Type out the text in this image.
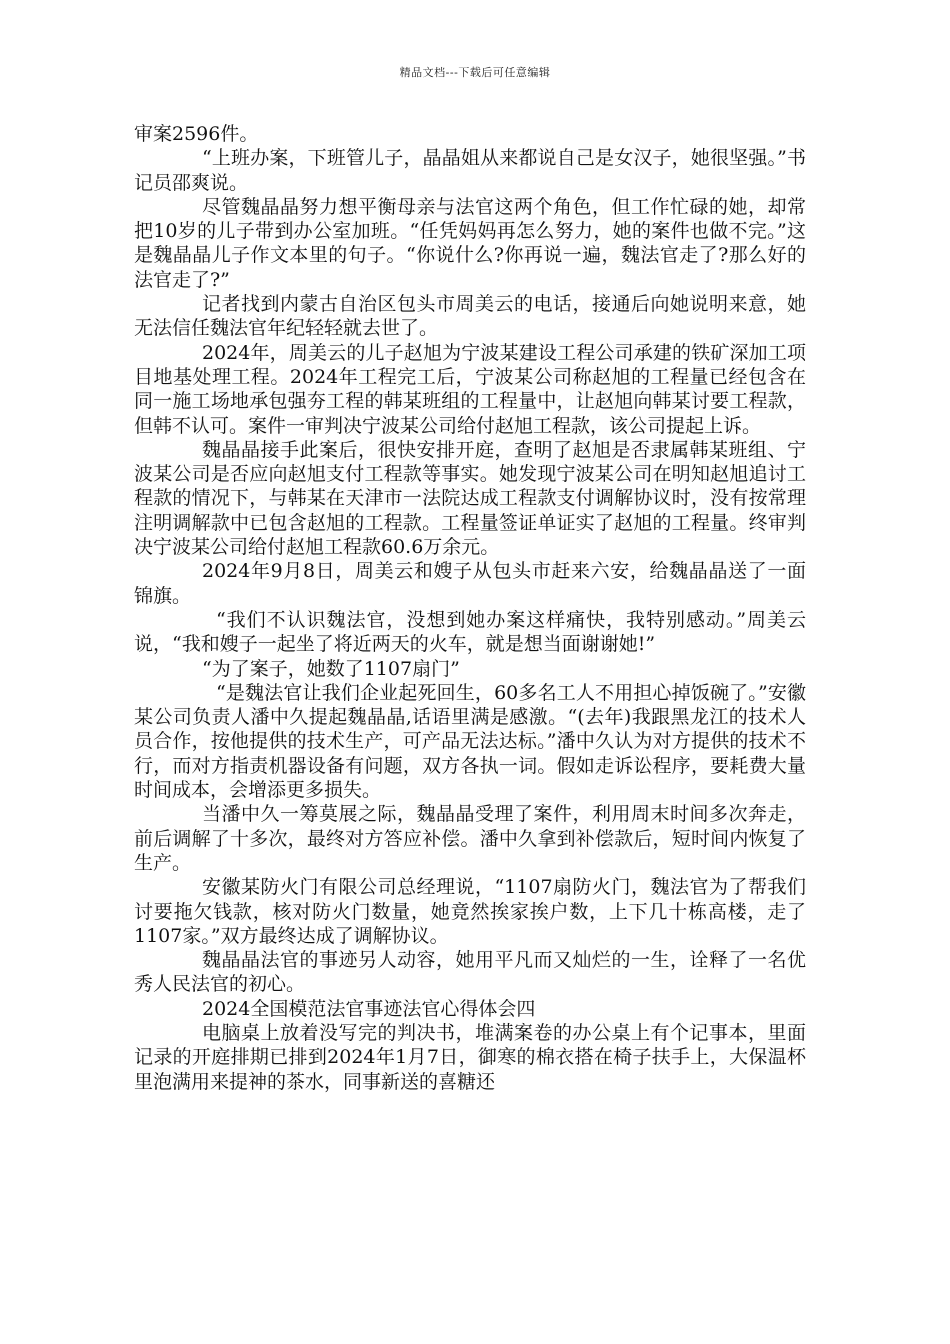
精品文档---下载后可任意编辑

审案2596件。

“上班办案，下班管儿子，晶晶姐从来都说自己是女汉子，她很坚强。”书记员邵爽说。

尽管魏晶晶努力想平衡母亲与法官这两个角色，但工作忙碌的她，却常把10岁的儿子带到办公室加班。“任凭妈妈再怎么努力，她的案件也做不完。”这是魏晶晶儿子作文本里的句子。“你说什么?你再说一遍，魏法官走了?那么好的法官走了?”

记者找到内蒙古自治区包头市周美云的电话，接通后向她说明来意，她无法信任魏法官年纪轻轻就去世了。

2024年，周美云的儿子赵旭为宁波某建设工程公司承建的铁矿深加工项目地基处理工程。2024年工程完工后，宁波某公司称赵旭的工程量已经包含在同一施工场地承包强夯工程的韩某班组的工程量中，让赵旭向韩某讨要工程款，但韩不认可。案件一审判决宁波某公司给付赵旭工程款，该公司提起上诉。

魏晶晶接手此案后，很快安排开庭，查明了赵旭是否隶属韩某班组、宁波某公司是否应向赵旭支付工程款等事实。她发现宁波某公司在明知赵旭追讨工程款的情况下，与韩某在天津市一法院达成工程款支付调解协议时，没有按常理注明调解款中已包含赵旭的工程款。工程量签证单证实了赵旭的工程量。终审判决宁波某公司给付赵旭工程款60.6万余元。

2024年9月8日，周美云和嫂子从包头市赶来六安，给魏晶晶送了一面锦旗。

“我们不认识魏法官，没想到她办案这样痛快，我特别感动。”周美云说，“我和嫂子一起坐了将近两天的火车，就是想当面谢谢她!”

“为了案子，她数了1107扇门”

“是魏法官让我们企业起死回生，60多名工人不用担心掉饭碗了。”安徽某公司负责人潘中久提起魏晶晶,话语里满是感激。“(去年)我跟黑龙江的技术人员合作，按他提供的技术生产，可产品无法达标。”潘中久认为对方提供的技术不行，而对方指责机器设备有问题，双方各执一词。假如走诉讼程序，要耗费大量时间成本，会增添更多损失。

当潘中久一筹莫展之际，魏晶晶受理了案件，利用周末时间多次奔走，前后调解了十多次，最终对方答应补偿。潘中久拿到补偿款后，短时间内恢复了生产。

安徽某防火门有限公司总经理说，“1107扇防火门，魏法官为了帮我们讨要拖欠钱款，核对防火门数量，她竟然挨家挨户数，上下几十栋高楼，走了1107家。”双方最终达成了调解协议。

魏晶晶法官的事迹另人动容，她用平凡而又灿烂的一生，诠释了一名优秀人民法官的初心。

2024全国模范法官事迹法官心得体会四

电脑桌上放着没写完的判决书，堆满案卷的办公桌上有个记事本，里面记录的开庭排期已排到2024年1月7日，御寒的棉衣搭在椅子扶手上，大保温杯里泡满用来提神的茶水，同事新送的喜糖还
